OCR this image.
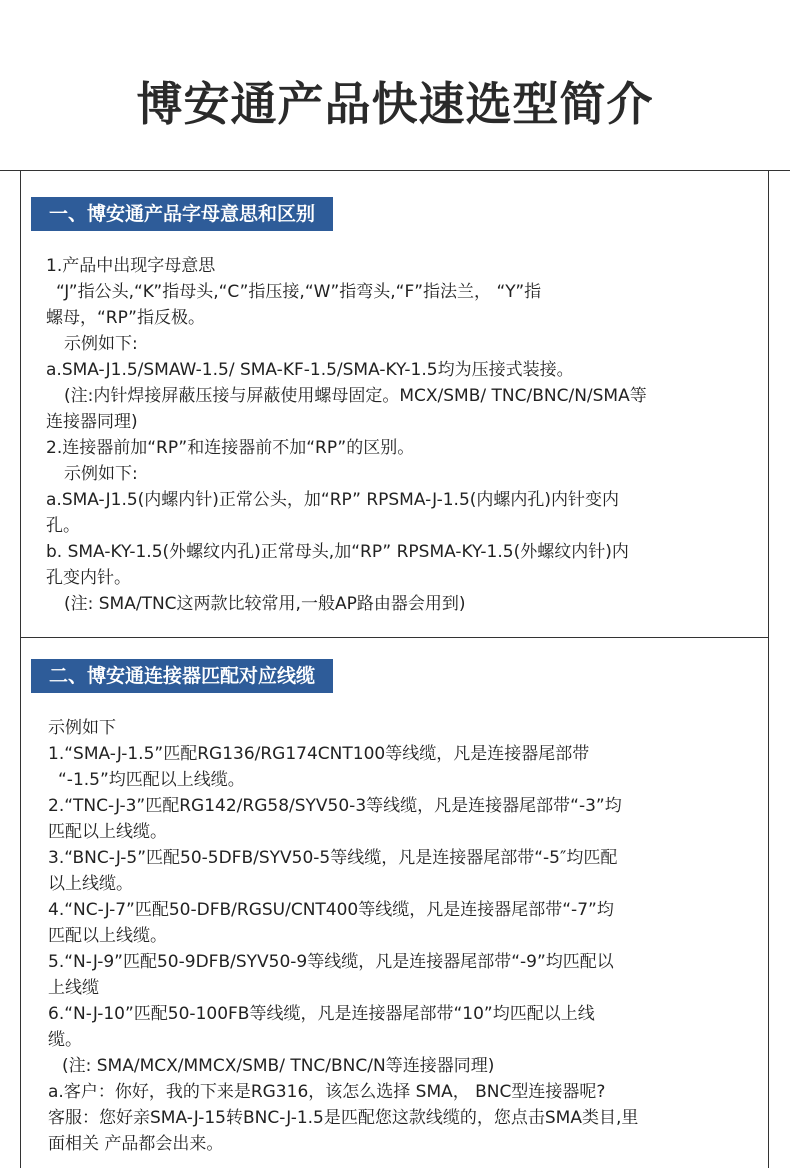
博安通产品快速选型简介
一、博安通产品字母意思和区别

1.产品中出现字母意思

“J”指公头,“K”指母头,“C”指压接,“W”指弯头,“F”指法兰， “Y”指

螺母，“RP”指反极。

示例如下:

a.SMA-J1.5/SMAW-1.5/ SMA-KF-1.5/SMA-KY-1.5均为压接式装接。

(注:内针焊接屏蔽压接与屏蔽使用螺母固定。MCX/SMB/ TNC/BNC/N/SMA等

连接器同理)

2.连接器前加“RP”和连接器前不加“RP”的区别。

示例如下:

a.SMA-J1.5(内螺内针)正常公头，加“RP” RPSMA-J-1.5(内螺内孔)内针变内

孔。

b. SMA-KY-1.5(外螺纹内孔)正常母头,加“RP” RPSMA-KY-1.5(外螺纹内针)内

孔变内针。

(注: SMA/TNC这两款比较常用,一般AP路由器会用到)

二、博安通连接器匹配对应线缆

示例如下

1.“SMA-J-1.5”匹配RG136/RG174CNT100等线缆，凡是连接器尾部带

“-1.5”均匹配以上线缆。

2.“TNC-J-3”匹配RG142/RG58/SYV50-3等线缆，凡是连接器尾部带“-3”均

匹配以上线缆。

3.“BNC-J-5”匹配50-5DFB/SYV50-5等线缆，凡是连接器尾部带“-5″均匹配

以上线缆。

4.“NC-J-7”匹配50-DFB/RGSU/CNT400等线缆，凡是连接器尾部带“-7”均

匹配以上线缆。

5.“N-J-9”匹配50-9DFB/SYV50-9等线缆，凡是连接器尾部带“-9”均匹配以

上线缆

6.“N-J-10”匹配50-100FB等线缆，凡是连接器尾部带“10”均匹配以上线

缆。

(注: SMA/MCX/MMCX/SMB/ TNC/BNC/N等连接器同理)

a.客户：你好，我的下来是RG316，该怎么选择 SMA， BNC型连接器呢?

客服：您好亲SMA-J-15转BNC-J-1.5是匹配您这款线缆的，您点击SMA类目,里

面相关 产品都会出来。
